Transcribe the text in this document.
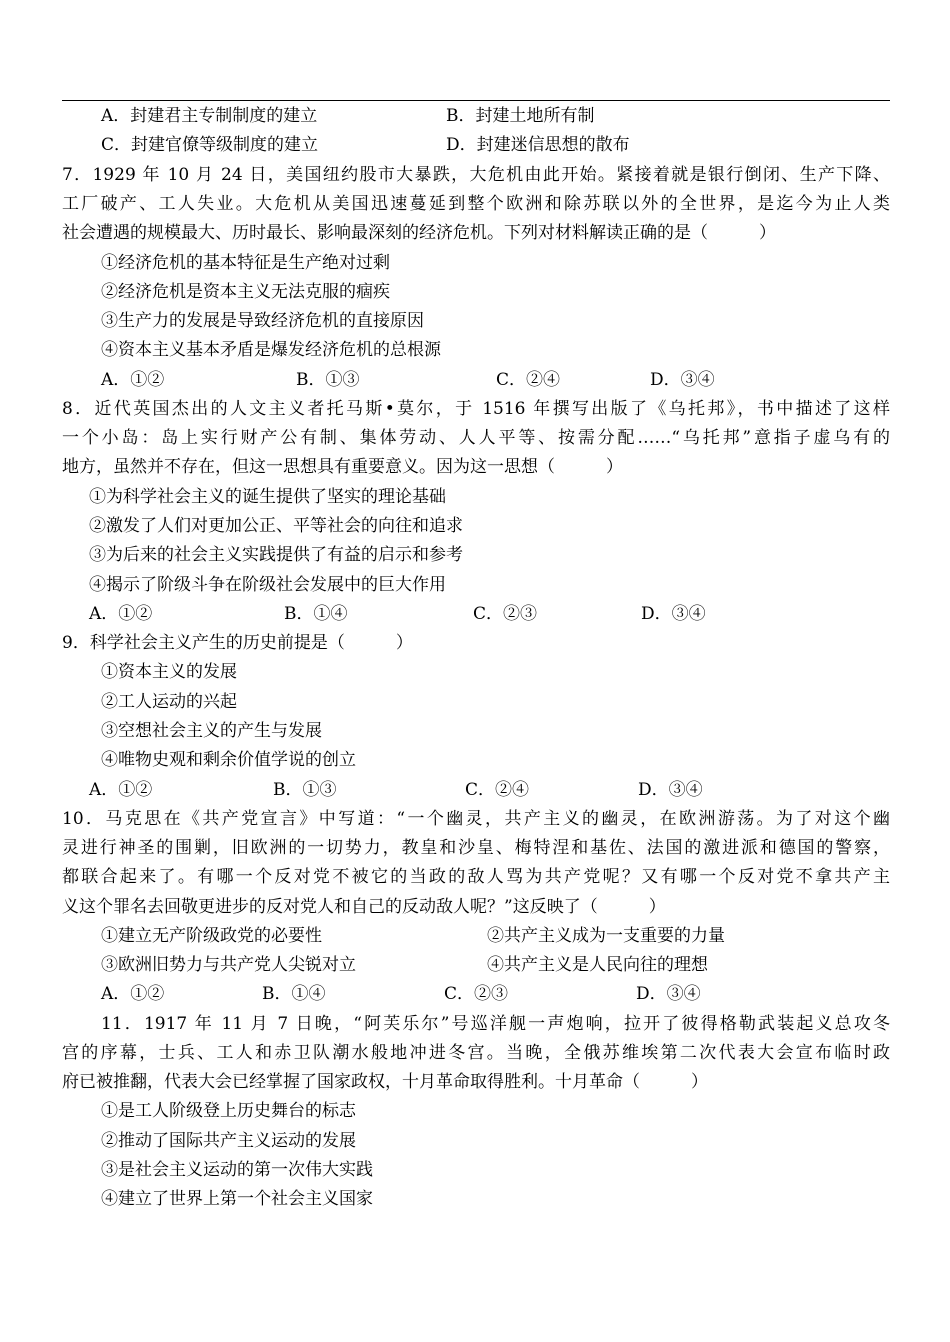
A．封建君主专制制度的建立	B．封建土地所有制
C．封建官僚等级制度的建立	D．封建迷信思想的散布
7．1929 年 10 月 24 日，美国纽约股市大暴跌，大危机由此开始。紧接着就是银行倒闭、生产下降、
工厂破产、工人失业。大危机从美国迅速蔓延到整个欧洲和除苏联以外的全世界，是迄今为止人类
社会遭遇的规模最大、历时最长、影响最深刻的经济危机。下列对材料解读正确的是（　　　）
①经济危机的基本特征是生产绝对过剩
②经济危机是资本主义无法克服的痼疾
③生产力的发展是导致经济危机的直接原因
④资本主义基本矛盾是爆发经济危机的总根源
A．①②	B．①③	C．②④	D．③④
8．近代英国杰出的人文主义者托马斯•莫尔，于 1516 年撰写出版了《乌托邦》，书中描述了这样
一个小岛：岛上实行财产公有制、集体劳动、人人平等、按需分配……“乌托邦”意指子虚乌有的
地方，虽然并不存在，但这一思想具有重要意义。因为这一思想（　　　）
①为科学社会主义的诞生提供了坚实的理论基础
②激发了人们对更加公正、平等社会的向往和追求
③为后来的社会主义实践提供了有益的启示和参考
④揭示了阶级斗争在阶级社会发展中的巨大作用
A．①②	B．①④	C．②③	D．③④
9．科学社会主义产生的历史前提是（　　　）
①资本主义的发展
②工人运动的兴起
③空想社会主义的产生与发展
④唯物史观和剩余价值学说的创立
A．①②	B．①③	C．②④	D．③④
10．马克思在《共产党宣言》中写道：“一个幽灵，共产主义的幽灵，在欧洲游荡。为了对这个幽
灵进行神圣的围剿，旧欧洲的一切势力，教皇和沙皇、梅特涅和基佐、法国的激进派和德国的警察，
都联合起来了。有哪一个反对党不被它的当政的敌人骂为共产党呢？又有哪一个反对党不拿共产主
义这个罪名去回敬更进步的反对党人和自己的反动敌人呢？”这反映了（　　　）
①建立无产阶级政党的必要性	②共产主义成为一支重要的力量
③欧洲旧势力与共产党人尖锐对立	④共产主义是人民向往的理想
A．①②	B．①④	C．②③	D．③④
11．1917 年 11 月 7 日晚，“阿芙乐尔”号巡洋舰一声炮响，拉开了彼得格勒武装起义总攻冬
宫的序幕，士兵、工人和赤卫队潮水般地冲进冬宫。当晚，全俄苏维埃第二次代表大会宣布临时政
府已被推翻，代表大会已经掌握了国家政权，十月革命取得胜利。十月革命（　　　）
①是工人阶级登上历史舞台的标志
②推动了国际共产主义运动的发展
③是社会主义运动的第一次伟大实践
④建立了世界上第一个社会主义国家
